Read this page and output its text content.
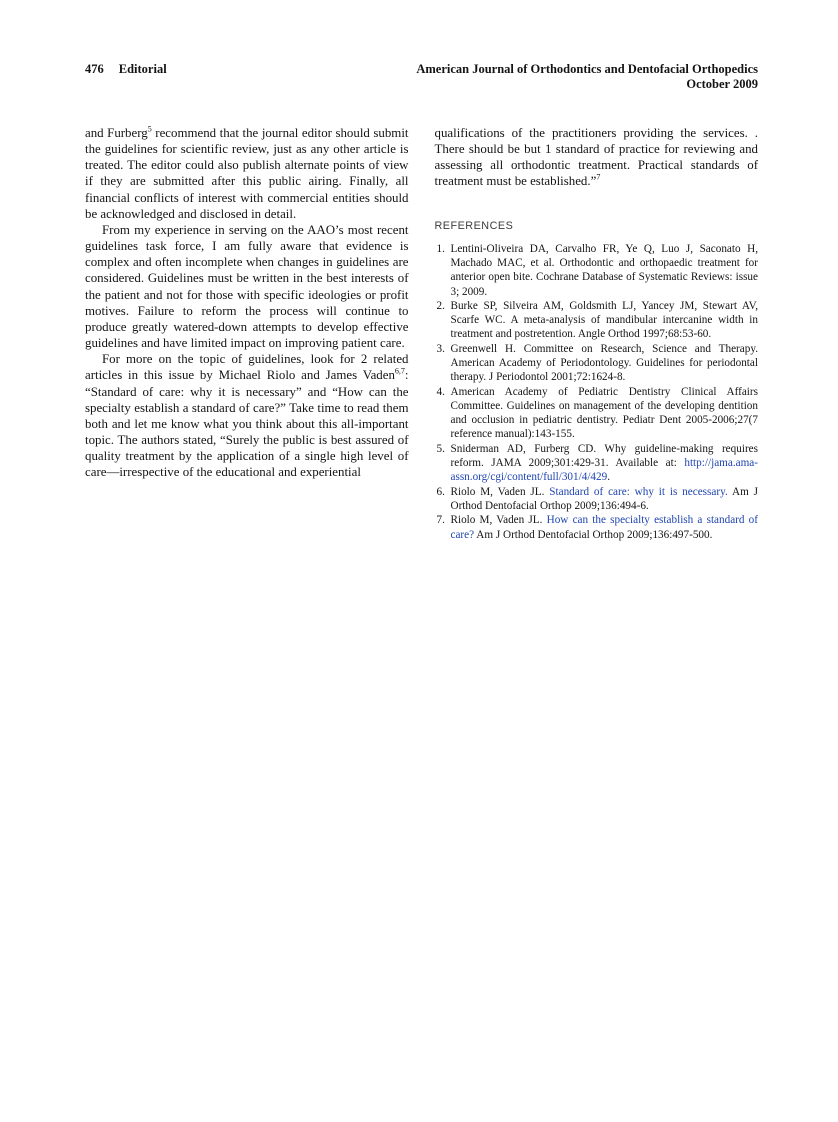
476 Editorial	American Journal of Orthodontics and Dentofacial Orthopedics
October 2009

and Furberg$^5$ recommend that the journal editor should submit the guidelines for scientific review, just as any other article is treated. The editor could also publish alternate points of view if they are submitted after this public airing. Finally, all financial conflicts of interest with commercial entities should be acknowledged and disclosed in detail.

From my experience in serving on the AAO’s most recent guidelines task force, I am fully aware that evidence is complex and often incomplete when changes in guidelines are considered. Guidelines must be written in the best interests of the patient and not for those with specific ideologies or profit motives. Failure to reform the process will continue to produce greatly watered-down attempts to develop effective guidelines and have limited impact on improving patient care.

For more on the topic of guidelines, look for 2 related articles in this issue by Michael Riolo and James Vaden$^{6,7}$: “Standard of care: why it is necessary” and “How can the specialty establish a standard of care?” Take time to read them both and let me know what you think about this all-important topic. The authors stated, “Surely the public is best assured of quality treatment by the application of a single high level of care—irrespective of the educational and experiential

qualifications of the practitioners providing the services. . There should be but 1 standard of practice for reviewing and assessing all orthodontic treatment. Practical standards of treatment must be established.”$^7$

REFERENCES
1. Lentini-Oliveira DA, Carvalho FR, Ye Q, Luo J, Saconato H, Machado MAC, et al. Orthodontic and orthopaedic treatment for anterior open bite. Cochrane Database of Systematic Reviews: issue 3; 2009.
2. Burke SP, Silveira AM, Goldsmith LJ, Yancey JM, Stewart AV, Scarfe WC. A meta-analysis of mandibular intercanine width in treatment and postretention. Angle Orthod 1997;68:53-60.
3. Greenwell H. Committee on Research, Science and Therapy. American Academy of Periodontology. Guidelines for periodontal therapy. J Periodontol 2001;72:1624-8.
4. American Academy of Pediatric Dentistry Clinical Affairs Committee. Guidelines on management of the developing dentition and occlusion in pediatric dentistry. Pediatr Dent 2005-2006;27(7 reference manual):143-155.
5. Sniderman AD, Furberg CD. Why guideline-making requires reform. JAMA 2009;301:429-31. Available at: http://jama.ama-assn.org/cgi/content/full/301/4/429.
6. Riolo M, Vaden JL. Standard of care: why it is necessary. Am J Orthod Dentofacial Orthop 2009;136:494-6.
7. Riolo M, Vaden JL. How can the specialty establish a standard of care? Am J Orthod Dentofacial Orthop 2009;136:497-500.
